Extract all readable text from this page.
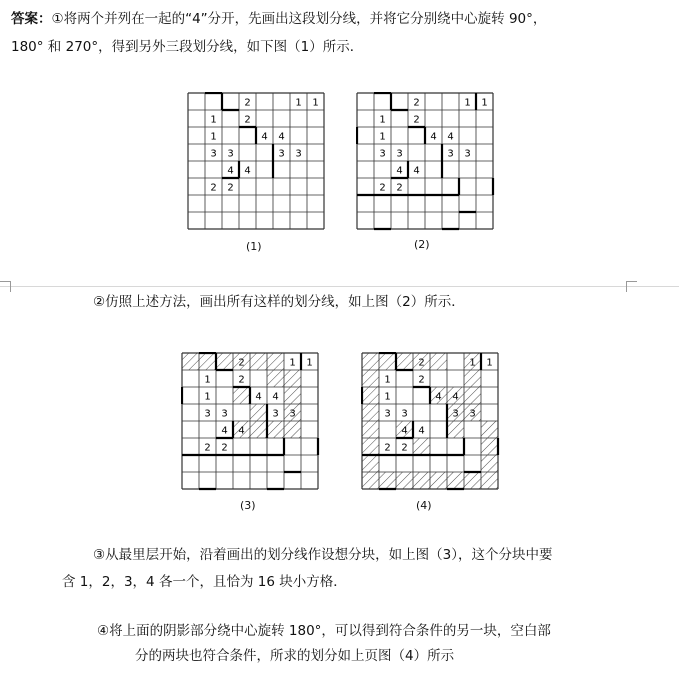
答案：①将两个并列在一起的“4”分开，先画出这段划分线，并将它分别绕中心旋转 90°，
180° 和 270°，得到另外三段划分线，如下图（1）所示．
2	1 1
1	2
1	4 4
3 3	3 3
4 4
2 2
2	1 1
1	2
1	4 4
3 3	3 3
4 4
2 2
(1)	(2)
②仿照上述方法，画出所有这样的划分线，如上图（2）所示．
2	1 1
1	2
1	4 4
3 3	3 3
4 4
2 2
2	1 1
1	2
1	4 4
3 3	3 3
4 4
2 2
(3)	(4)
③从最里层开始，沿着画出的划分线作设想分块，如上图（3），这个分块中要
含 1，2，3，4 各一个，且恰为 16 块小方格．
④将上面的阴影部分绕中心旋转 180°，可以得到符合条件的另一块，空白部
分的两块也符合条件，所求的划分如上页图（4）所示
